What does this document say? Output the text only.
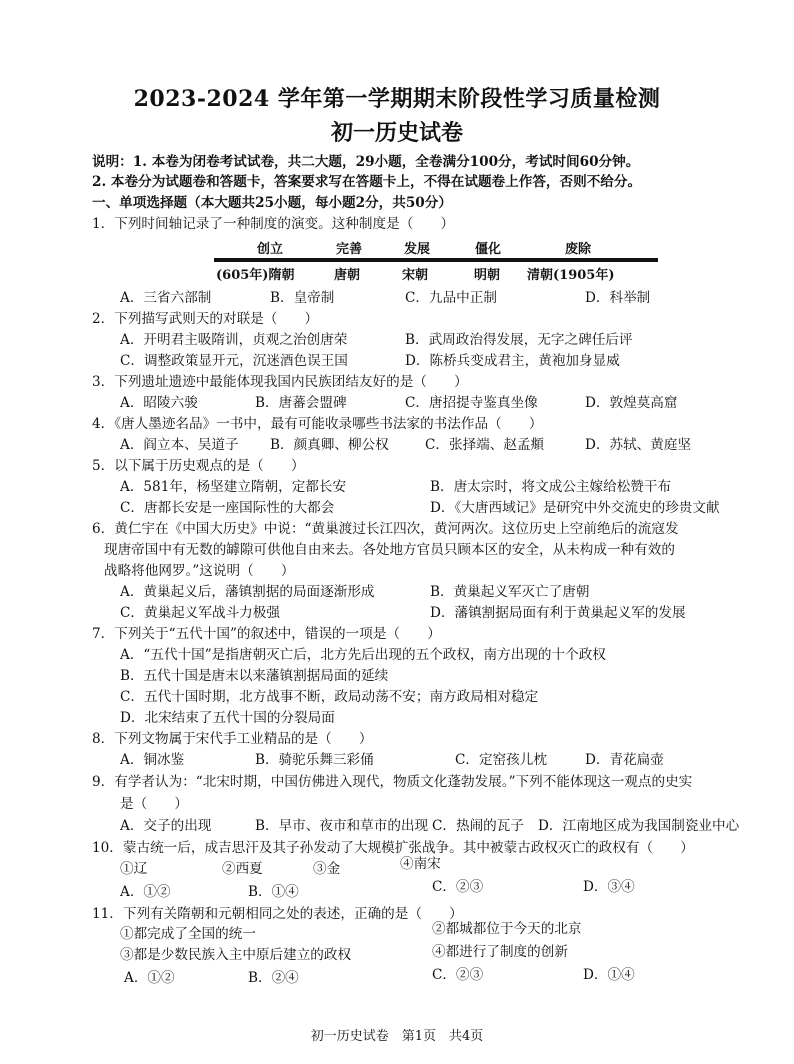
2023-2024 学年第一学期期末阶段性学习质量检测
初一历史试卷
说明：1. 本卷为闭卷考试试卷，共二大题，29小题，全卷满分100分，考试时间60分钟。
2. 本卷分为试题卷和答题卡，答案要求写在答题卡上，不得在试题卷上作答，否则不给分。
一、单项选择题（本大题共25小题，每小题2分，共50分）
1．下列时间轴记录了一种制度的演变。这种制度是（　　）
创立	完善	发展	僵化	废除
(605年)隋朝	唐朝	宋朝	明朝 清朝(1905年)
A．三省六部制	B．皇帝制	C．九品中正制	D．科举制
2．下列描写武则天的对联是（　　）
A．开明君主吸隋训，贞观之治创唐荣	B．武周政治得发展，无字之碑任后评
C．调整政策显开元，沉迷酒色误王国	D．陈桥兵变成君主，黄袍加身显威
3．下列遗址遗迹中最能体现我国内民族团结友好的是（　　）
A．昭陵六骏	B．唐蕃会盟碑	C．唐招提寺鉴真坐像	D．敦煌莫高窟
4．《唐人墨迹名品》一书中，最有可能收录哪些书法家的书法作品（　　）
A．阎立本、吴道子 B．颜真卿、柳公权	C．张择端、赵孟頫	D．苏轼、黄庭坚
5．以下属于历史观点的是（　　）
A．581年，杨坚建立隋朝，定都长安	B．唐太宗时，将文成公主嫁给松赞干布
C．唐都长安是一座国际性的大都会	D．《大唐西域记》是研究中外交流史的珍贵文献
6．黄仁宇在《中国大历史》中说：“黄巢渡过长江四次，黄河两次。这位历史上空前绝后的流寇发
现唐帝国中有无数的罅隙可供他自由来去。各处地方官员只顾本区的安全，从未构成一种有效的
战略将他网罗。”这说明（　　）
A．黄巢起义后，藩镇割据的局面逐渐形成	B．黄巢起义军灭亡了唐朝
C．黄巢起义军战斗力极强	D．藩镇割据局面有利于黄巢起义军的发展
7．下列关于“五代十国”的叙述中，错误的一项是（　　）
A．“五代十国”是指唐朝灭亡后，北方先后出现的五个政权，南方出现的十个政权
B．五代十国是唐末以来藩镇割据局面的延续
C．五代十国时期，北方战事不断，政局动荡不安；南方政局相对稳定
D．北宋结束了五代十国的分裂局面
8．下列文物属于宋代手工业精品的是（　　）
A．铜冰鉴	B．骑驼乐舞三彩俑	C．定窑孩儿枕	D．青花扁壶
9．有学者认为：“北宋时期，中国仿佛进入现代，物质文化蓬勃发展。”下列不能体现这一观点的史实
是（　　）
A．交子的出现	B．早市、夜市和草市的出现 C．热闹的瓦子 D．江南地区成为我国制瓷业中心
10．蒙古统一后，成吉思汗及其子孙发动了大规模扩张战争。其中被蒙古政权灭亡的政权有（　　）
①辽	②西夏	③金	④南宋
A．①②	B．①④	C．②③	D．③④
11．下列有关隋朝和元朝相同之处的表述，正确的是（　　）
①都完成了全国的统一	②都城都位于今天的北京
③都是少数民族入主中原后建立的政权	④都进行了制度的创新
A．①②	B．②④	C．②③	D．①④
初一历史试卷　第1页　共4页
